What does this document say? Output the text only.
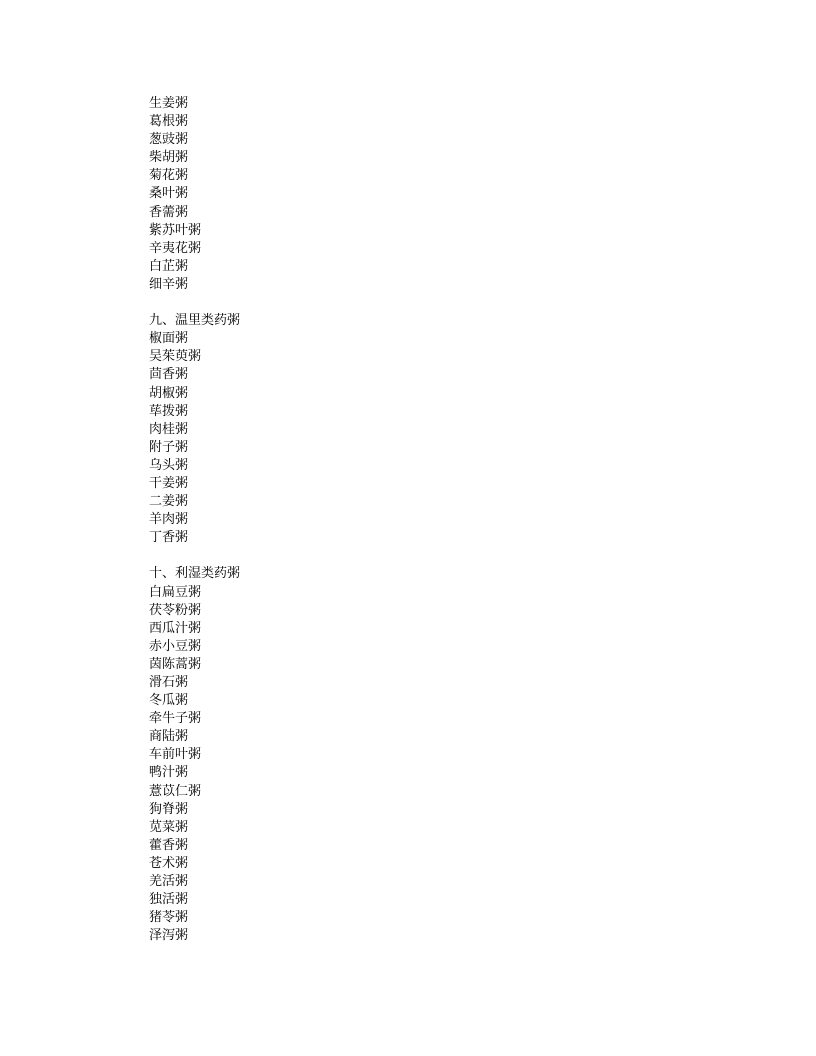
生姜粥
葛根粥
葱豉粥
柴胡粥
菊花粥
桑叶粥
香薷粥
紫苏叶粥
辛夷花粥
白芷粥
细辛粥
九、温里类药粥
椒面粥
吴茱萸粥
茴香粥
胡椒粥
荜拨粥
肉桂粥
附子粥
乌头粥
干姜粥
二姜粥
羊肉粥
丁香粥
十、利湿类药粥
白扁豆粥
茯苓粉粥
西瓜汁粥
赤小豆粥
茵陈蒿粥
滑石粥
冬瓜粥
牵牛子粥
商陆粥
车前叶粥
鸭汁粥
薏苡仁粥
狗脊粥
苋菜粥
藿香粥
苍术粥
羌活粥
独活粥
猪苓粥
泽泻粥
